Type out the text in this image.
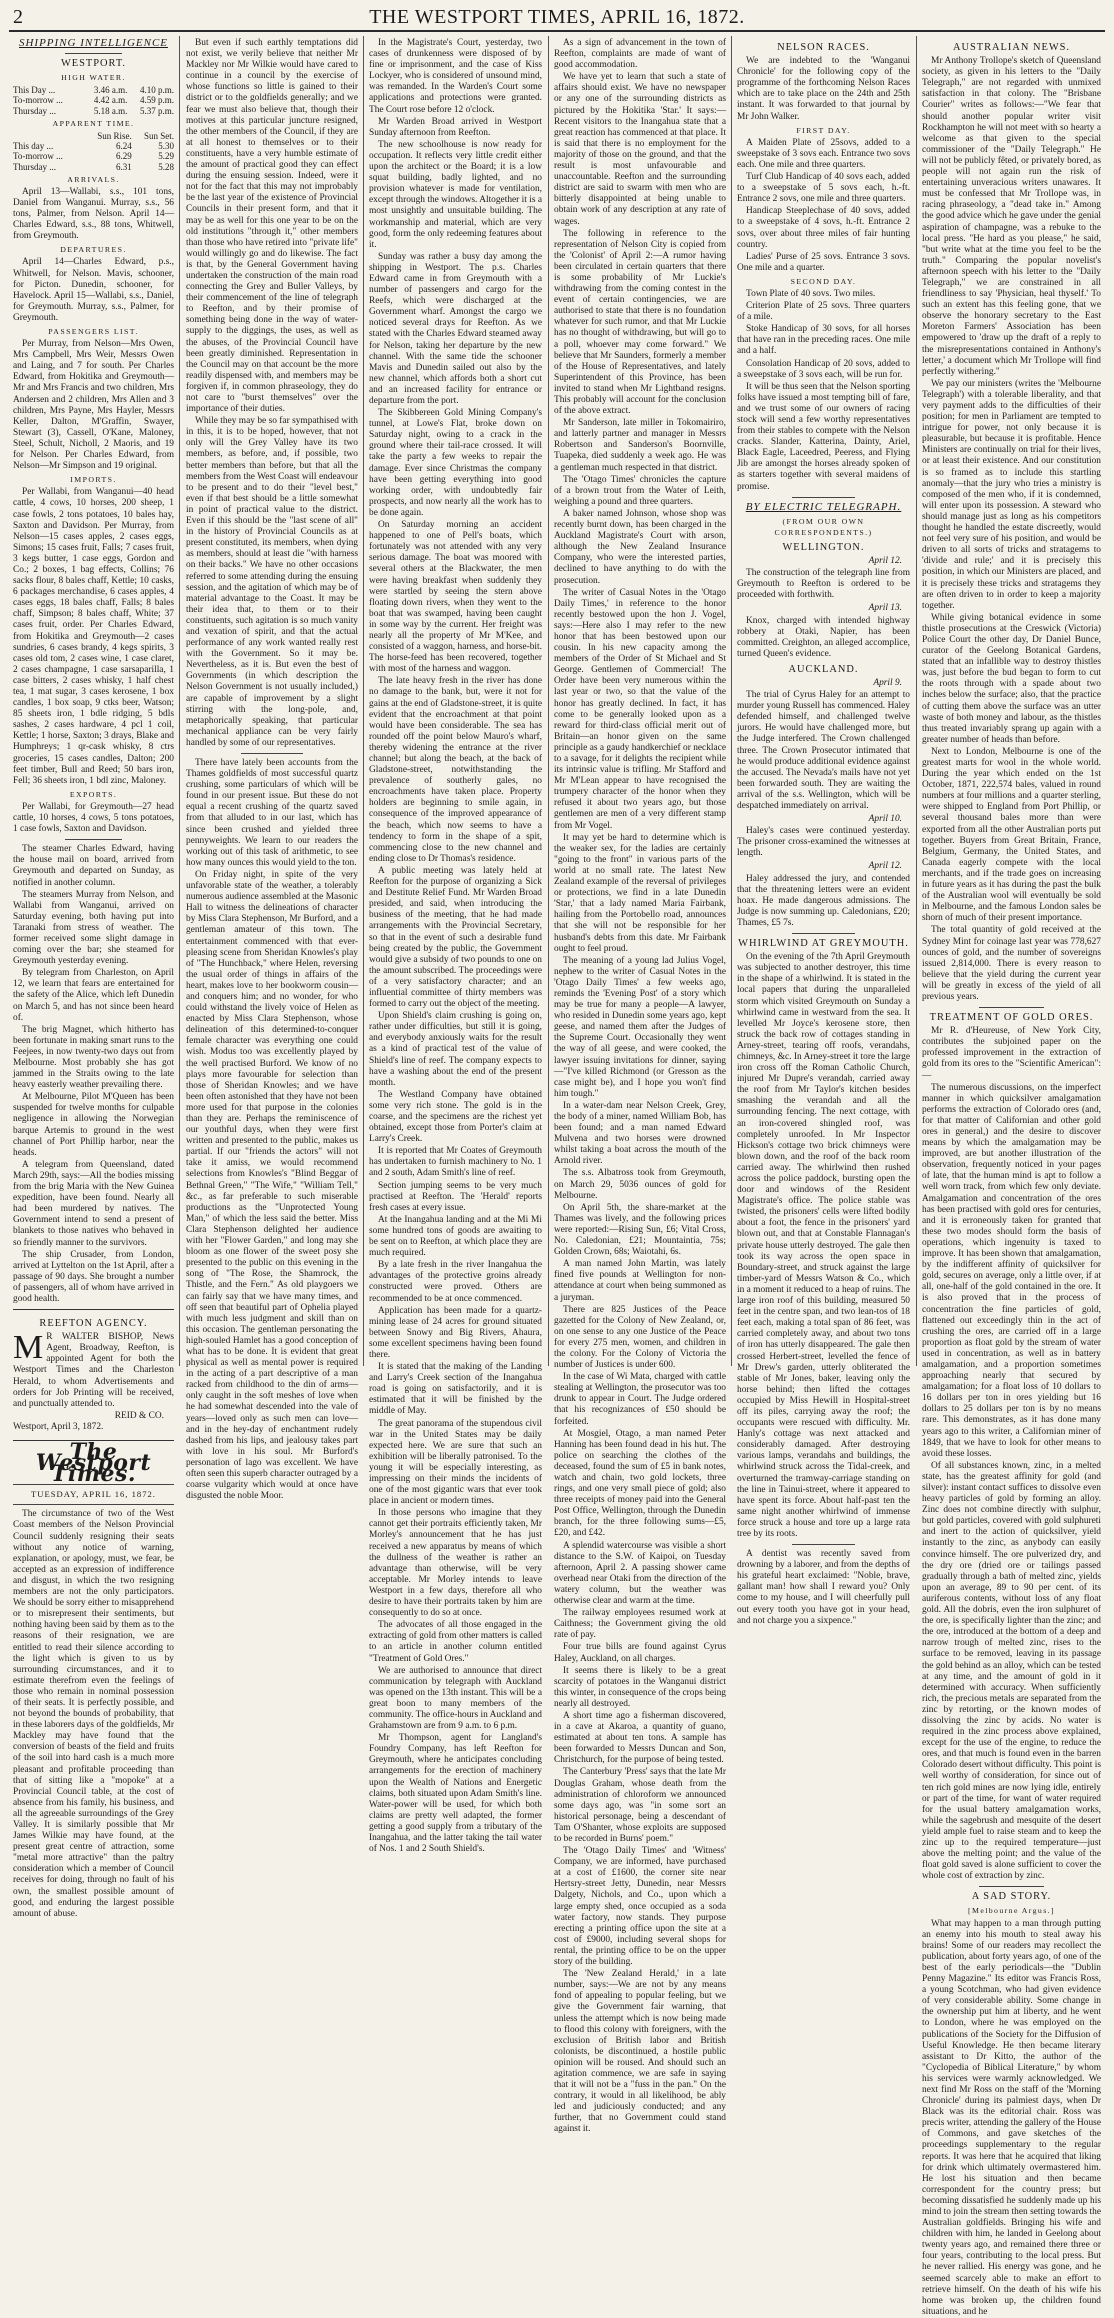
2	THE WESTPORT TIMES, APRIL 16, 1872.
SHIPPING INTELLIGENCE
WESTPORT.
HIGH WATER.
This Day ...	3.46 a.m.	4.10 p.m.
To-morrow ...	4.42 a.m.	4.59 p.m.
Thursday ...	5.18 a.m.	5.37 p.m.
APPARENT TIME.
	Sun Rise.	Sun Set.
This day ...	6.24	5.30
To-morrow ...	6.29	5.29
Thursday ...	6.31	5.28
ARRIVALS.

April 13—Wallabi, s.s., 101 tons, Daniel from Wanganui. Murray, s.s., 56 tons, Palmer, from Nelson. April 14—Charles Edward, s.s., 88 tons, Whitwell, from Greymouth.

DEPARTURES.

April 14—Charles Edward, p.s., Whitwell, for Nelson. Mavis, schooner, for Picton. Dunedin, schooner, for Havelock. April 15—Wallabi, s.s., Daniel, for Greymouth. Murray, s.s., Palmer, for Greymouth.

PASSENGERS LIST.

Per Murray, from Nelson—Mrs Owen, Mrs Campbell, Mrs Weir, Messrs Owen and Laing, and 7 for south. Per Charles Edward, from Hokitika and Greymouth—Mr and Mrs Francis and two children, Mrs Andersen and 2 children, Mrs Allen and 3 children, Mrs Payne, Mrs Hayler, Messrs Keller, Dalton, M'Graffin, Swayer, Stewart (3), Cassell, O'Kane, Maloney, Steel, Schult, Nicholl, 2 Maoris, and 19 for Nelson. Per Charles Edward, from Nelson—Mr Simpson and 19 original.

IMPORTS.

Per Wallabi, from Wanganui—40 head cattle, 4 cows, 10 horses, 200 sheep, 1 case fowls, 2 tons potatoes, 10 bales hay, Saxton and Davidson. Per Murray, from Nelson—15 cases apples, 2 cases eggs, Simons; 15 cases fruit, Falls; 7 cases fruit, 3 kegs butter, 1 case eggs, Gordon and Co.; 2 boxes, 1 bag effects, Collins; 76 sacks flour, 8 bales chaff, Kettle; 10 casks, 6 packages merchandise, 6 cases apples, 4 cases eggs, 18 bales chaff, Falls; 8 bales chaff, Simpson; 8 bales chaff, White; 37 cases fruit, order. Per Charles Edward, from Hokitika and Greymouth—2 cases sundries, 6 cases brandy, 4 kegs spirits, 3 cases old tom, 2 cases wine, 1 case claret, 2 cases champagne, 1 case sarsaparilla, 1 case bitters, 2 cases whisky, 1 half chest tea, 1 mat sugar, 3 cases kerosene, 1 box candles, 1 box soap, 9 ctks beer, Watson; 85 sheets iron, 1 bdle ridging, 5 bdls sashes, 2 cases hardware, 4 pcl 1 coil, Kettle; 1 horse, Saxton; 3 drays, Blake and Humphreys; 1 qr-cask whisky, 8 ctrs groceries, 15 cases candles, Dalton; 200 feet timber, Bull and Reed; 50 bars iron, Fell; 36 sheets iron, 1 bdl zinc, Maloney.

EXPORTS.

Per Wallabi, for Greymouth—27 head cattle, 10 horses, 4 cows, 5 tons potatoes, 1 case fowls, Saxton and Davidson.

The steamer Charles Edward, having the house mail on board, arrived from Greymouth and departed on Sunday, as notified in another column.

The steamers Murray from Nelson, and Wallabi from Wanganui, arrived on Saturday evening, both having put into Taranaki from stress of weather. The former received some slight damage in coming over the bar; she steamed for Greymouth yesterday evening.

By telegram from Charleston, on April 12, we learn that fears are entertained for the safety of the Alice, which left Dunedin on March 5, and has not since been heard of.

The brig Magnet, which hitherto has been fortunate in making smart runs to the Feejees, in now twenty-two days out from Melbourne. Most probably she has got jammed in the Straits owing to the late heavy easterly weather prevailing there.

At Melbourne, Pilot M'Queen has been suspended for twelve months for culpable negligence in allowing the Norwegian barque Artemis to ground in the west channel of Port Phillip harbor, near the heads.

A telegram from Queensland, dated March 29th, says:—All the bodies missing from the brig Maria with the New Guinea expedition, have been found. Nearly all had been murdered by natives. The Government intend to send a present of blankets to those natives who behaved in so friendly manner to the survivors.

The ship Crusader, from London, arrived at Lyttelton on the 1st April, after a passage of 90 days. She brought a number of passengers, all of whom have arrived in good health.

REEFTON AGENCY.

M R WALTER BISHOP, News Agent, Broadway, Reefton, is appointed Agent for both the Westport Times and the Charleston Herald, to whom Advertisements and orders for Job Printing will be received, and punctually attended to.

REID & CO.

Westport, April 3, 1872.

The Westport Times.
TUESDAY, APRIL 16, 1872.

The circumstance of two of the West Coast members of the Nelson Provincial Council suddenly resigning their seats without any notice of warning, explanation, or apology, must, we fear, be accepted as an expression of indifference and disgust, in which the two resigning members are not the only participators. We should be sorry either to misapprehend or to misrepresent their sentiments, but nothing having been said by them as to the reasons of their resignation, we are entitled to read their silence according to the light which is given to us by surrounding circumstances, and it to estimate therefrom even the feelings of those who remain in nominal possession of their seats. It is perfectly possible, and not beyond the bounds of probability, that in these laborers days of the goldfields, Mr Mackley may have found that the conversion of beasts of the field and fruits of the soil into hard cash is a much more pleasant and profitable proceeding than that of sitting like a "mopoke" at a Provincial Council table, at the cost of absence from his family, his business, and all the agreeable surroundings of the Grey Valley. It is similarly possible that Mr James Wilkie may have found, at the present great centre of attraction, some "metal more attractive" than the paltry consideration which a member of Council receives for doing, through no fault of his own, the smallest possible amount of good, and enduring the largest possible amount of abuse.

But even if such earthly temptations did not exist, we verily believe that neither Mr Mackley nor Mr Wilkie would have cared to continue in a council by the exercise of whose functions so little is gained to their district or to the goldfields generally; and we fear we must also believe that, though their motives at this particular juncture resigned, the other members of the Council, if they are at all honest to themselves or to their constituents, have a very humble estimate of the amount of practical good they can effect during the ensuing session. Indeed, were it not for the fact that this may not improbably be the last year of the existence of Provincial Councils in their present form, and that it may be as well for this one year to be on the old institutions "through it," other members than those who have retired into "private life" would willingly go and do likewise. The fact is that, by the General Government having undertaken the construction of the main road connecting the Grey and Buller Valleys, by their commencement of the line of telegraph to Reefton, and by their promise of something being done in the way of water-supply to the diggings, the uses, as well as the abuses, of the Provincial Council have been greatly diminished. Representation in the Council may on that account be the more readily dispensed with, and members may be forgiven if, in common phraseology, they do not care to "burst themselves" over the importance of their duties.

While they may be so far sympathised with in this, it is to be hoped, however, that not only will the Grey Valley have its two members, as before, and, if possible, two better members than before, but that all the members from the West Coast will endeavour to be present and to do their "level best," even if that best should be a little somewhat in point of practical value to the district. Even if this should be the "last scene of all" in the history of Provincial Councils as at present constituted, its members, when dying as members, should at least die "with harness on their backs." We have no other occasions referred to some attending during the ensuing session, and the agitation of which may be of material advantage to the Coast. It may be their idea that, to them or to their constituents, such agitation is so much vanity and vexation of spirit, and that the actual performance of any work wanted really rest with the Government. So it may be. Nevertheless, as it is. But even the best of Governments (in which description the Nelson Government is not usually included,) are capable of improvement by a slight stirring with the long-pole, and, metaphorically speaking, that particular mechanical appliance can be very fairly handled by some of our representatives.

There have lately been accounts from the Thames goldfields of most successful quartz crushing, some particulars of which will be found in our present issue. But these do not equal a recent crushing of the quartz saved from that alluded to in our last, which has since been crushed and yielded three pennyweights. We learn to our readers the working out of this task of arithmetic, to see how many ounces this would yield to the ton.

On Friday night, in spite of the very unfavorable state of the weather, a tolerably numerous audience assembled at the Masonic Hall to witness the delineations of character by Miss Clara Stephenson, Mr Burford, and a gentleman amateur of this town. The entertainment commenced with that ever-pleasing scene from Sheridan Knowles's play of "The Hunchback," where Helen, reversing the usual order of things in affairs of the heart, makes love to her bookworm cousin—and conquers him; and no wonder, for who could withstand the lively voice of Helen as enacted by Miss Clara Stephenson, whose delineation of this determined-to-conquer female character was everything one could wish. Modus too was excellently played by the well practised Burford. We know of no plays more favourable for selection than those of Sheridan Knowles; and we have been often astonished that they have not been more used for that purpose in the colonies than they are. Perhaps the reminiscence of our youthful days, when they were first written and presented to the public, makes us partial. If our "friends the actors" will not take it amiss, we would recommend selections from Knowles's "Blind Beggar of Bethnal Green," "The Wife," "William Tell," &c., as far preferable to such miserable productions as the "Unprotected Young Man," of which the less said the better. Miss Clara Stephenson delighted her audience with her "Flower Garden," and long may she bloom as one flower of the sweet posy she presented to the public on this evening in the song of "The Rose, the Shamrock, the Thistle, and the Fern." As old playgoers we can fairly say that we have many times, and off seen that beautiful part of Ophelia played with much less judgment and skill than on this occasion. The gentleman personating the high-souled Hamlet has a good conception of what has to be done. It is evident that great physical as well as mental power is required in the acting of a part descriptive of a man racked from childhood to the din of arms—only caught in the soft meshes of love when he had somewhat descended into the vale of years—loved only as such men can love—and in the hey-day of enchantment rudely dashed from his lips, and jealousy takes part with love in his soul. Mr Burford's personation of lago was excellent. We have often seen this superb character outraged by a coarse vulgarity which would at once have disgusted the noble Moor.

In the Magistrate's Court, yesterday, two cases of drunkenness were disposed of by fine or imprisonment, and the case of Kiss Lockyer, who is considered of unsound mind, was remanded. In the Warden's Court some applications and protections were granted. The Court rose before 12 o'clock.

Mr Warden Broad arrived in Westport Sunday afternoon from Reefton.

The new schoolhouse is now ready for occupation. It reflects very little credit either upon the architect or the Board; it is a low squat building, badly lighted, and no provision whatever is made for ventilation, except through the windows. Altogether it is a most unsightly and unsuitable building. The workmanship and material, which are very good, form the only redeeming features about it.

Sunday was rather a busy day among the shipping in Westport. The p.s. Charles Edward came in from Greymouth with a number of passengers and cargo for the Reefs, which were discharged at the Government wharf. Amongst the cargo we noticed several drays for Reefton. As we stated with the Charles Edward steamed away for Nelson, taking her departure by the new channel. With the same tide the schooner Mavis and Dunedin sailed out also by the new channel, which affords both a short cut and an increased facility for entrance or departure from the port.

The Skibbereen Gold Mining Company's tunnel, at Lowe's Flat, broke down on Saturday night, owing to a crack in the ground where their tail-race crossed. It will take the party a few weeks to repair the damage. Ever since Christmas the company have been getting everything into good working order, with undoubtedly fair prospects, and now nearly all the work has to be done again.

On Saturday morning an accident happened to one of Pell's boats, which fortunately was not attended with any very serious damage. The boat was moored with several others at the Blackwater, the men were having breakfast when suddenly they were startled by seeing the stern above floating down rivers, when they went to the boat that was swamped, having been caught in some way by the current. Her freight was nearly all the property of Mr M'Kee, and consisted of a waggon, harness, and horse-bit. The horse-feed has been recovered, together with most of the harness and waggon.

The late heavy fresh in the river has done no damage to the bank, but, were it not for gains at the end of Gladstone-street, it is quite evident that the encroachment at that point would have been considerable. The sea has rounded off the point below Mauro's wharf, thereby widening the entrance at the river channel; but along the beach, at the back of Gladstone-street, notwithstanding the prevalence of southerly gales, no encroachments have taken place. Property holders are beginning to smile again, in consequence of the improved appearance of the beach, which now seems to have a tendency to form in the shape of a spit, commencing close to the new channel and ending close to Dr Thomas's residence.

A public meeting was lately held at Reefton for the purpose of organizing a Sick and Destitute Relief Fund. Mr Warden Broad presided, and said, when introducing the business of the meeting, that he had made arrangements with the Provincial Secretary, so that in the event of such a desirable fund being created by the public, the Government would give a subsidy of two pounds to one on the amount subscribed. The proceedings were of a very satisfactory character; and an influential committee of thirty members was formed to carry out the object of the meeting.

Upon Shield's claim crushing is going on, rather under difficulties, but still it is going, and everybody anxiously waits for the result as a kind of practical test of the value of Shield's line of reef. The company expects to have a washing about the end of the present month.

The Westland Company have obtained some very rich stone. The gold is in the coarse, and the specimens are the richest yet obtained, except those from Porter's claim at Larry's Creek.

It is reported that Mr Coates of Greymouth has undertaken to furnish machinery to No. 1 and 2 south, Adam Smith's line of reef.

Section jumping seems to be very much practised at Reefton. The 'Herald' reports fresh cases at every issue.

At the Inangahua landing and at the Mi Mi some hundred tons of goods are awaiting to be sent on to Reefton, at which place they are much required.

By a late fresh in the river Inangahua the advantages of the protective groins already constructed were proved. Others are recommended to be at once commenced.

Application has been made for a quartz-mining lease of 24 acres for ground situated between Snowy and Big Rivers, Ahaura, some excellent specimens having been found there.

It is stated that the making of the Landing and Larry's Creek section of the Inangahua road is going on satisfactorily, and it is estimated that it will be finished by the middle of May.

The great panorama of the stupendous civil war in the United States may be daily expected here. We are sure that such an exhibition will be liberally patronised. To the young it will be especially interesting, as impressing on their minds the incidents of one of the most gigantic wars that ever took place in ancient or modern times.

In those persons who imagine that they cannot get their portraits efficiently taken, Mr Morley's announcement that he has just received a new apparatus by means of which the dullness of the weather is rather an advantage than otherwise, will be very acceptable. Mr Morley intends to leave Westport in a few days, therefore all who desire to have their portraits taken by him are consequently to do so at once.

The advocates of all those engaged in the extracting of gold from other matters is called to an article in another column entitled "Treatment of Gold Ores."

We are authorised to announce that direct communication by telegraph with Auckland was opened on the 13th instant. This will be a great boon to many members of the community. The office-hours in Auckland and Grahamstown are from 9 a.m. to 6 p.m.

Mr Thompson, agent for Langland's Foundry Company, has left Reefton for Greymouth, where he anticipates concluding arrangements for the erection of machinery upon the Wealth of Nations and Energetic claims, both situated upon Adam Smith's line. Water-power will be used, for which both claims are pretty well adapted, the former getting a good supply from a tributary of the Inangahua, and the latter taking the tail water of Nos. 1 and 2 South Shield's.

As a sign of advancement in the town of Reefton, complaints are made of want of good accommodation.

We have yet to learn that such a state of affairs should exist. We have no newspaper or any one of the surrounding districts as pictured by the Hokitika 'Star.' It says:—Recent visitors to the Inangahua state that a great reaction has commenced at that place. It is said that there is no employment for the majority of those on the ground, and that the result is most unfavourable and unaccountable. Reefton and the surrounding district are said to swarm with men who are bitterly disappointed at being unable to obtain work of any description at any rate of wages.

The following in reference to the representation of Nelson City is copied from the 'Colonist' of April 2:—A rumor having been circulated in certain quarters that there is some probability of Mr Luckie's withdrawing from the coming contest in the event of certain contingencies, we are authorised to state that there is no foundation whatever for such rumor, and that Mr Luckie has no thought of withdrawing, but will go to a poll, whoever may come forward." We believe that Mr Saunders, formerly a member of the House of Representatives, and lately Superintendent of this Province, has been invited to stand when Mr Lightband resigns. This probably will account for the conclusion of the above extract.

Mr Sanderson, late miller in Tokomairiro, and latterly partner and manager in Messrs Robertson and Sanderson's Boornville, Tuapeka, died suddenly a week ago. He was a gentleman much respected in that district.

The 'Otago Times' chronicles the capture of a brown trout from the Water of Leith, weighing a pound and three quarters.

A baker named Johnson, whose shop was recently burnt down, has been charged in the Auckland Magistrate's Court with arson, although the New Zealand Insurance Company, who were the interested parties, declined to have anything to do with the prosecution.

The writer of Casual Notes in the 'Otago Daily Times,' in reference to the honor recently bestowed upon the hon J. Vogel, says:—Here also I may refer to the new honor that has been bestowed upon our cousin. In his new capacity among the members of the Order of St Michael and St George. Gentlemen of Commercial! The Order have been very numerous within the last year or two, so that the value of the honor has greatly declined. In fact, it has come to be generally looked upon as a reward for third-class official merit out of Britain—an honor given on the same principle as a gaudy handkerchief or necklace to a savage, for it delights the recipient while its intrinsic value is trifling. Mr Stafford and Mr M'Lean appear to have recognised the trumpery character of the honor when they refused it about two years ago, but those gentlemen are men of a very different stamp from Mr Vogel.

It may yet be hard to determine which is the weaker sex, for the ladies are certainly "going to the front" in various parts of the world at no small rate. The latest New Zealand example of the reversal of privileges or protections, we find in a late Dunedin 'Star,' that a lady named Maria Fairbank, hailing from the Portobello road, announces that she will not be responsible for her husband's debts from this date. Mr Fairbank ought to feel proud.

The meaning of a young lad Julius Vogel, nephew to the writer of Casual Notes in the 'Otago Daily Times' a few weeks ago, reminds the 'Evening Post' of a story which may be true for many a people—A lawyer, who resided in Dunedin some years ago, kept geese, and named them after the Judges of the Supreme Court. Occasionally they went the way of all geese, and were cooked, the lawyer issuing invitations for dinner, saying—"I've killed Richmond (or Gresson as the case might be), and I hope you won't find him tough."

In a water-dam near Nelson Creek, Grey, the body of a miner, named William Bob, has been found; and a man named Edward Mulvena and two horses were drowned whilst taking a boat across the mouth of the Arnold river.

The s.s. Albatross took from Greymouth, on March 29, 5036 ounces of gold for Melbourne.

On April 5th, the share-market at the Thames was lively, and the following prices were reported:—Rising Sun, £6; Vital Cross, No. Caledonian, £21; Mountaintia, 75s; Golden Crown, 68s; Waiotahi, 6s.

A man named John Martin, was lately fined five pounds at Wellington for non-attendance at court when being summoned as a juryman.

There are 825 Justices of the Peace gazetted for the Colony of New Zealand, or, on one sense to any one Justice of the Peace for every 275 men, women, and children in the colony. For the Colony of Victoria the number of Justices is under 600.

In the case of Wi Mata, charged with cattle stealing at Wellington, the prosecutor was too drunk to appear in Court. The Judge ordered that his recognizances of £50 should be forfeited.

At Mosgiel, Otago, a man named Peter Hanning has been found dead in his hut. The police on searching the clothes of the deceased, found the sum of £5 in bank notes, watch and chain, two gold lockets, three rings, and one very small piece of gold; also three receipts of money paid into the General Post Office, Wellington, through the Dunedin branch, for the three following sums—£5, £20, and £42.

A splendid watercourse was visible a short distance to the S.W. of Kaipoi, on Tuesday afternoon, April 2. A passing shower came overhead near Otaki from the direction of the watery column, but the weather was otherwise clear and warm at the time.

The railway employees resumed work at Caithness; the Government giving the old rate of pay.

Four true bills are found against Cyrus Haley, Auckland, on all charges.

It seems there is likely to be a great scarcity of potatoes in the Wanganui district this winter, in consequence of the crops being nearly all destroyed.

A short time ago a fisherman discovered, in a cave at Akaroa, a quantity of guano, estimated at about ten tons. A sample has been forwarded to Messrs Duncan and Son, Christchurch, for the purpose of being tested.

The Canterbury 'Press' says that the late Mr Douglas Graham, whose death from the administration of chloroform we announced some days ago, was "in some sort an historical personage, being a descendant of Tam O'Shanter, whose exploits are supposed to be recorded in Burns' poem."

The 'Otago Daily Times' and 'Witness' Company, we are informed, have purchased at a cost of £1600, the corner site near Hertsry-street Jetty, Dunedin, near Messrs Dalgety, Nichols, and Co., upon which a large empty shed, once occupied as a soda water factory, now stands. They purpose erecting a printing office upon the site at a cost of £9000, including several shops for rental, the printing office to be on the upper story of the building.

The 'New Zealand Herald,' in a late number, says:—We are not by any means fond of appealing to popular feeling, but we give the Government fair warning, that unless the attempt which is now being made to flood this colony with foreigners, with the exclusion of British labor and British colonists, be discontinued, a hostile public opinion will be roused. And should such an agitation commence, we are safe in saying that it will not be a "fuss in the pan." On the contrary, it would in all likelihood, be ably led and judiciously conducted; and any further, that no Government could stand against it.

NELSON RACES.

We are indebted to the 'Wanganui Chronicle' for the following copy of the programme of the forthcoming Nelson Races which are to take place on the 24th and 25th instant. It was forwarded to that journal by Mr John Walker.

FIRST DAY.

A Maiden Plate of 25sovs, added to a sweepstake of 3 sovs each. Entrance two sovs each. One mile and three quarters.

Turf Club Handicap of 40 sovs each, added to a sweepstake of 5 sovs each, h.-ft. Entrance 2 sovs, one mile and three quarters.

Handicap Steeplechase of 40 sovs, added to a sweepstake of 4 sovs, h.-ft. Entrance 2 sovs, over about three miles of fair hunting country.

Ladies' Purse of 25 sovs. Entrance 3 sovs. One mile and a quarter.

SECOND DAY.

Town Plate of 40 sovs. Two miles.

Criterion Plate of 25 sovs. Three quarters of a mile.

Stoke Handicap of 30 sovs, for all horses that have ran in the preceding races. One mile and a half.

Consolation Handicap of 20 sovs, added to a sweepstake of 3 sovs each, will be run for.

It will be thus seen that the Nelson sporting folks have issued a most tempting bill of fare, and we trust some of our owners of racing stock will send a few worthy representatives from their stables to compete with the Nelson cracks. Slander, Katterina, Dainty, Ariel, Black Eagle, Laceedred, Peeress, and Flying Jib are amongst the horses already spoken of as starters together with several maidens of promise.

BY ELECTRIC TELEGRAPH.
(FROM OUR OWN CORRESPONDENTS.)
WELLINGTON.
April 12.

The construction of the telegraph line from Greymouth to Reefton is ordered to be proceeded with forthwith.

April 13.

Knox, charged with intended highway robbery at Otaki, Napier, has been committed. Creighton, an alleged accomplice, turned Queen's evidence.

AUCKLAND.
April 9.

The trial of Cyrus Haley for an attempt to murder young Russell has commenced. Haley defended himself, and challenged twelve jurors. He would have challenged more, but the Judge interfered. The Crown challenged three. The Crown Prosecutor intimated that he would produce additional evidence against the accused. The Nevada's mails have not yet been forwarded south. They are waiting the arrival of the s.s. Wellington, which will be despatched immediately on arrival.

April 10.

Haley's cases were continued yesterday. The prisoner cross-examined the witnesses at length.

April 12.

Haley addressed the jury, and contended that the threatening letters were an evident hoax. He made dangerous admissions. The Judge is now summing up. Caledonians, £20; Thames, £5 7s.

WHIRLWIND AT GREYMOUTH.

On the evening of the 7th April Greymouth was subjected to another destroyer, this time in the shape of a whirlwind. It is stated in the local papers that during the unparalleled storm which visited Greymouth on Sunday a whirlwind came in westward from the sea. It levelled Mr Joyce's kerosene store, then struck the back row of cottages standing in Arney-street, tearing off roofs, verandahs, chimneys, &c. In Arney-street it tore the large iron cross off the Roman Catholic Church, injured Mr Dupre's verandah, carried away the roof from Mr Taylor's kitchen besides smashing the verandah and all the surrounding fencing. The next cottage, with an iron-covered shingled roof, was completely unroofed. In Mr Inspector Hickson's cottage two brick chimneys were blown down, and the roof of the back room carried away. The whirlwind then rushed across the police paddock, bursting open the door and windows of the Resident Magistrate's office. The police stable was twisted, the prisoners' cells were lifted bodily about a foot, the fence in the prisoners' yard blown out, and that at Constable Flannagan's private house utterly destroyed. The gale then took its way across the open space in Boundary-street, and struck against the large timber-yard of Messrs Watson & Co., which in a moment it reduced to a heap of ruins. The large iron roof of this building, measured 50 feet in the centre span, and two lean-tos of 18 feet each, making a total span of 86 feet, was carried completely away, and about two tons of iron has utterly disappeared. The gale then crossed Herbert-street, levelled the fence of Mr Drew's garden, utterly obliterated the stable of Mr Jones, baker, leaving only the horse behind; then lifted the cottages occupied by Miss Hewill in Hospital-street off its piles, carrying away the roof; the occupants were rescued with difficulty. Mr. Hanly's cottage was next attacked and considerably damaged. After destroying various lamps, verandahs and buildings, the whirlwind struck across the Tidal-creek, and overturned the tramway-carriage standing on the line in Tainui-street, where it appeared to have spent its force. About half-past ten the same night another whirlwind of immense force struck a house and tore up a large rata tree by its roots.

A dentist was recently saved from drowning by a laborer, and from the depths of his grateful heart exclaimed: "Noble, brave, gallant man! how shall I reward you? Only come to my house, and I will cheerfully pull out every tooth you have got in your head, and not charge you a sixpence."

AUSTRALIAN NEWS.

Mr Anthony Trollope's sketch of Queensland society, as given in his letters to the "Daily Telegraph," are not regarded with unmixed satisfaction in that colony. The "Brisbane Courier" writes as follows:—"We fear that should another popular writer visit Rockhampton he will not meet with so hearty a welcome as that given to the special commissioner of the "Daily Telegraph." He will not be publicly fêted, or privately bored, as people will not again run the risk of entertaining unveracious writers unawares. It must be confessed that Mr Trollope was, in racing phraseology, a "dead take in." Among the good advice which he gave under the genial aspiration of champagne, was a rebuke to the local press. "He hard as you please," he said, "but write what at the time you feel to be the truth." Comparing the popular novelist's afternoon speech with his letter to the "Daily Telegraph," we are constrained in all friendliness to say 'Physician, heal thyself.' To such an extent has this feeling gone, that we observe the honorary secretary to the East Moreton Farmers' Association has been empowered to 'draw up the draft of a reply to the misrepresentations contained in Anthony's letter,' a document which Mr Trollope will find perfectly withering."

We pay our ministers (writes the 'Melbourne Telegraph') with a tolerable liberality, and that very payment adds to the difficulties of their position; for men in Parliament are tempted to intrigue for power, not only because it is pleasurable, but because it is profitable. Hence Ministers are continually on trial for their lives, or at least their existence. And our constitution is so framed as to include this startling anomaly—that the jury who tries a ministry is composed of the men who, if it is condemned, will enter upon its possession. A steward who should manage just as long as his competitors thought he handled the estate discreetly, would not feel very sure of his position, and would be driven to all sorts of tricks and stratagems to 'divide and rule;' and it is precisely this position, in which our Ministers are placed, and it is precisely these tricks and stratagems they are often driven to in order to keep a majority together.

While giving botanical evidence in some thistle prosecutions at the Creswick (Victoria) Police Court the other day, Dr Daniel Bunce, curator of the Geelong Botanical Gardens, stated that an infallible way to destroy thistles was, just before the bud began to form to cut the roots through with a spade about two inches below the surface; also, that the practice of cutting them above the surface was an utter waste of both money and labour, as the thistles thus treated invariably sprang up again with a greater number of heads than before.

Next to London, Melbourne is one of the greatest marts for wool in the whole world. During the year which ended on the 1st October, 1871, 222,574 bales, valued in round numbers at four millions and a quarter sterling, were shipped to England from Port Phillip, or several thousand bales more than were exported from all the other Australian ports put together. Buyers from Great Britain, France, Belgium, Germany, the United States, and Canada eagerly compete with the local merchants, and if the trade goes on increasing in future years as it has during the past the bulk of the Australian wool will eventually be sold in Melbourne, and the famous London sales be shorn of much of their present importance.

The total quantity of gold received at the Sydney Mint for coinage last year was 778,627 ounces of gold, and the number of sovereigns issued 2,814,000. There is every reason to believe that the yield during the current year will be greatly in excess of the yield of all previous years.

TREATMENT OF GOLD ORES.

Mr R. d'Heureuse, of New York City, contributes the subjoined paper on the professed improvement in the extraction of gold from its ores to the "Scientific American":—

The numerous discussions, on the imperfect manner in which quicksilver amalgamation performs the extraction of Colorado ores (and, for that matter of Californian and other gold ores in general,) and the desire to discover means by which the amalgamation may be improved, are but another illustration of the observation, frequently noticed in your pages of late, that the human mind is apt to follow a well worn track, from which few only deviate. Amalgamation and concentration of the ores has been practised with gold ores for centuries, and it is erroneously taken for granted that these two modes should form the basis of operations, which ingenuity is taxed to improve. It has been shown that amalgamation, by the indifferent affinity of quicksilver for gold, secures on average, only a little over, if at all, one-half of the gold contained in the ore. It is also proved that in the process of concentration the fine particles of gold, flattened out exceedingly thin in the act of crushing the ores, are carried off in a large proportion as float gold by the stream of water used in concentration, as well as in battery amalgamation, and a proportion sometimes approaching nearly that secured by amalgamation; for a float loss of 10 dollars to 16 dollars per ton in ores yielding but 16 dollars to 25 dollars per ton is by no means rare. This demonstrates, as it has done many years ago to this writer, a Californian miner of 1849, that we have to look for other means to avoid these losses.

Of all substances known, zinc, in a melted state, has the greatest affinity for gold (and silver): instant contact suffices to dissolve even heavy particles of gold by forming an alloy. Zinc does not combine directly with sulphur, but gold particles, covered with gold sulphureti and inert to the action of quicksilver, yield instantly to the zinc, as anybody can easily convince himself. The ore pulverized dry, and the dry ore (dried ore or tailings passed gradually through a bath of melted zinc, yields upon an average, 89 to 90 per cent. of its auriferous contents, without loss of any float gold. All the dobris, even the iron sulphuret of the ore, is specifically lighter than the zinc; and the ore, introduced at the bottom of a deep and narrow trough of melted zinc, rises to the surface to be removed, leaving in its passage the gold behind as an alloy, which can be tested at any time, and the amount of gold in it determined with accuracy. When sufficiently rich, the precious metals are separated from the zinc by retorting, or the known modes of dissolving the zinc by acids. No water is required in the zinc process above explained, except for the use of the engine, to reduce the ores, and that much is found even in the barren Colorado desert without difficulty. This point is well worthy of consideration, for since out of ten rich gold mines are now lying idle, entirely or part of the time, for want of water required for the usual battery amalgamation works, while the sagebrush and mesquite of the desert yield ample fuel to raise steam and to keep the zinc up to the required temperature—just above the melting point; and the value of the float gold saved is alone sufficient to cover the whole cost of extraction by zinc.

A SAD STORY.
[Melbourne Argus.]

What may happen to a man through putting an enemy into his mouth to steal away his brains! Some of our readers may recollect the publication, about forty years ago, of one of the best of the early periodicals—the "Dublin Penny Magazine." Its editor was Francis Ross, a young Scotchman, who had given evidence of very considerable ability. Some change in the ownership put him at liberty, and he went to London, where he was employed on the publications of the Society for the Diffusion of Useful Knowledge. He then became literary assistant to Dr Kitto, the author of the "Cyclopedia of Biblical Literature," by whom his services were warmly acknowledged. We next find Mr Ross on the staff of the 'Morning Chronicle' during its palmiest days, when Dr Black was its the editorial chair. Ross was precis writer, attending the gallery of the House of Commons, and gave sketches of the proceedings supplementary to the regular reports. It was here that he acquired that liking for drink which ultimately overmastered him. He lost his situation and then became correspondent for the country press; but becoming dissatisfied he suddenly made up his mind to join the stream then setting towards the Australian goldfields. Bringing his wife and children with him, he landed in Geelong about twenty years ago, and remained there three or four years, contributing to the local press. But he never rallied. His energy was gone, and he seemed scarcely able to make an effort to retrieve himself. On the death of his wife his home was broken up, the children found situations, and he
